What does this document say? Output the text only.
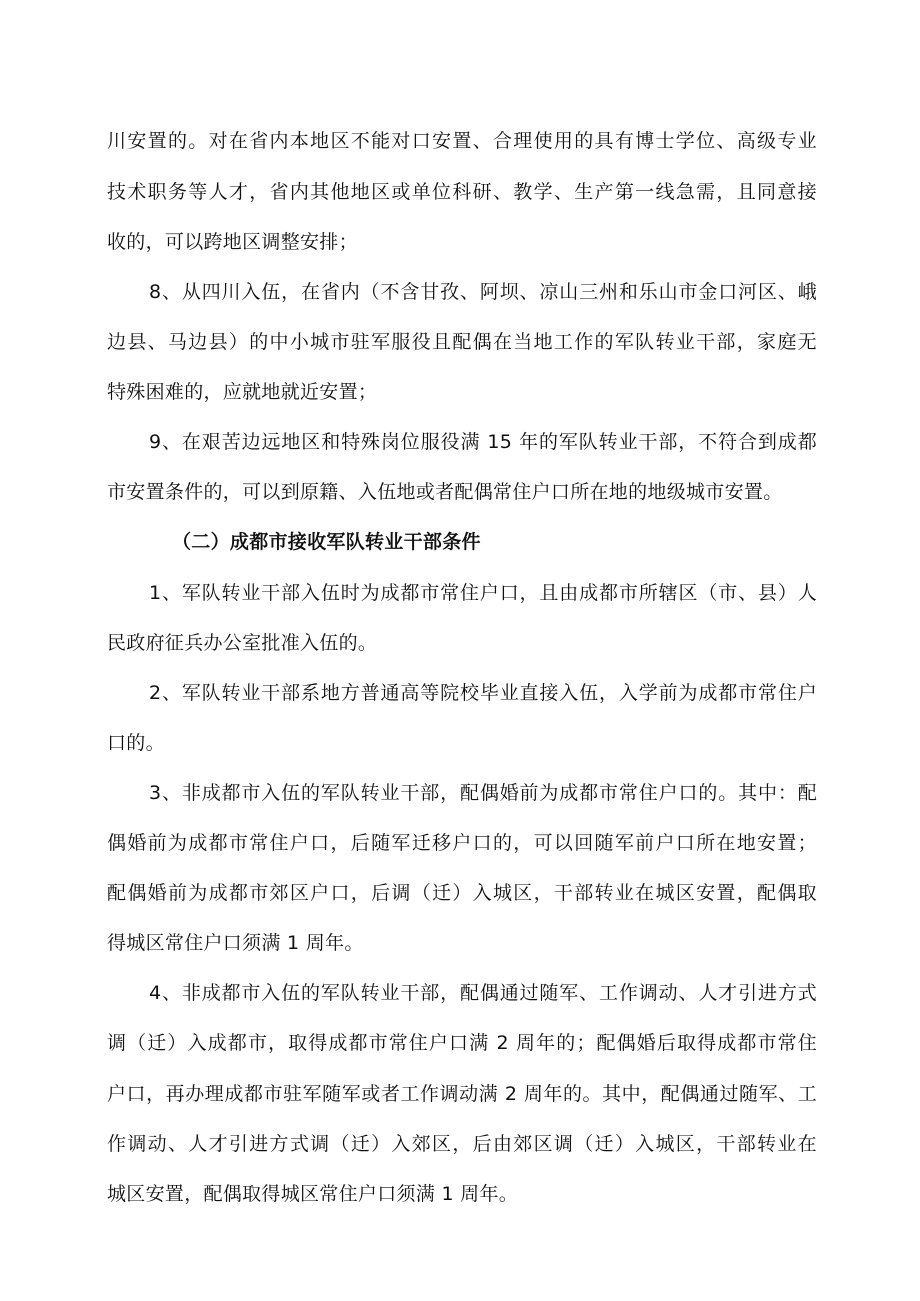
川安置的。对在省内本地区不能对口安置、合理使用的具有博士学位、高级专业
技术职务等人才，省内其他地区或单位科研、教学、生产第一线急需，且同意接
收的，可以跨地区调整安排；
8、从四川入伍，在省内（不含甘孜、阿坝、凉山三州和乐山市金口河区、峨
边县、马边县）的中小城市驻军服役且配偶在当地工作的军队转业干部，家庭无
特殊困难的，应就地就近安置；
9、在艰苦边远地区和特殊岗位服役满 15 年的军队转业干部，不符合到成都
市安置条件的，可以到原籍、入伍地或者配偶常住户口所在地的地级城市安置。
（二）成都市接收军队转业干部条件
1、军队转业干部入伍时为成都市常住户口，且由成都市所辖区（市、县）人
民政府征兵办公室批准入伍的。
2、军队转业干部系地方普通高等院校毕业直接入伍，入学前为成都市常住户
口的。
3、非成都市入伍的军队转业干部，配偶婚前为成都市常住户口的。其中：配
偶婚前为成都市常住户口，后随军迁移户口的，可以回随军前户口所在地安置；
配偶婚前为成都市郊区户口，后调（迁）入城区，干部转业在城区安置，配偶取
得城区常住户口须满 1 周年。
4、非成都市入伍的军队转业干部，配偶通过随军、工作调动、人才引进方式
调（迁）入成都市，取得成都市常住户口满 2 周年的；配偶婚后取得成都市常住
户口，再办理成都市驻军随军或者工作调动满 2 周年的。其中，配偶通过随军、工
作调动、人才引进方式调（迁）入郊区，后由郊区调（迁）入城区，干部转业在
城区安置，配偶取得城区常住户口须满 1 周年。
